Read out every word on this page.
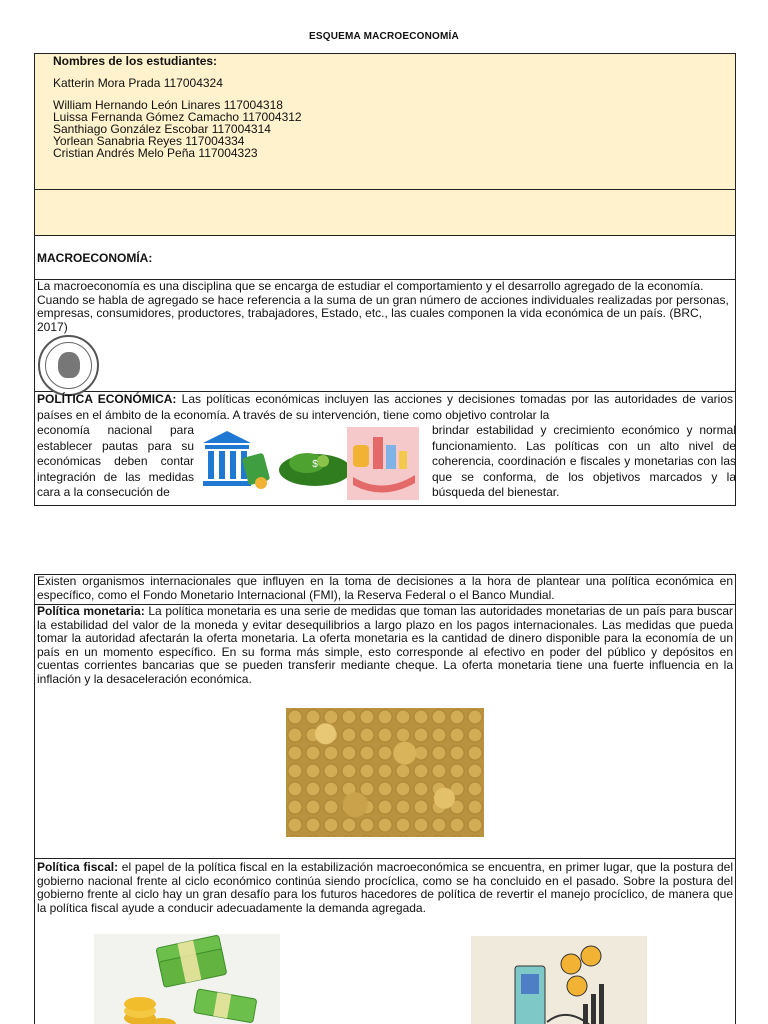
ESQUEMA MACROECONOMÍA
Nombres de los estudiantes:
Katterin Mora Prada 117004324
William Hernando León Linares 117004318
Luissa Fernanda Gómez Camacho 117004312
Santhiago González Escobar 117004314
Yorlean Sanabria Reyes 117004334
Cristian Andrés Melo Peña 117004323
MACROECONOMÍA:
La macroeconomía es una disciplina que se encarga de estudiar el comportamiento y el desarrollo agregado de la economía. Cuando se habla de agregado se hace referencia a la suma de un gran número de acciones individuales realizadas por personas, empresas, consumidores, productores, trabajadores, Estado, etc., las cuales componen la vida económica de un país. (BRC, 2017)
POLÍTICA ECONÓMICA: Las políticas económicas incluyen las acciones y decisiones tomadas por las autoridades de varios países en el ámbito de la economía. A través de su intervención, tiene como objetivo controlar la
economía nacional para establecer pautas para su económicas deben contar integración de las medidas cara a la consecución de
$
brindar estabilidad y crecimiento económico y normal funcionamiento. Las políticas con un alto nivel de coherencia, coordinación e fiscales y monetarias con las que se conforma, de los objetivos marcados y la búsqueda del bienestar.
Existen organismos internacionales que influyen en la toma de decisiones a la hora de plantear una política económica en específico, como el Fondo Monetario Internacional (FMI), la Reserva Federal o el Banco Mundial.
Política monetaria: La política monetaria es una serie de medidas que toman las autoridades monetarias de un país para buscar la estabilidad del valor de la moneda y evitar desequilibrios a largo plazo en los pagos internacionales. Las medidas que pueda tomar la autoridad afectarán la oferta monetaria. La oferta monetaria es la cantidad de dinero disponible para la economía de un país en un momento específico. En su forma más simple, esto corresponde al efectivo en poder del público y depósitos en cuentas corrientes bancarias que se pueden transferir mediante cheque. La oferta monetaria tiene una fuerte influencia en la inflación y la desaceleración económica.
Política fiscal: el papel de la política fiscal en la estabilización macroeconómica se encuentra, en primer lugar, que la postura del gobierno nacional frente al ciclo económico continúa siendo procíclica, como se ha concluido en el pasado. Sobre la postura del gobierno frente al ciclo hay un gran desafío para los futuros hacedores de política de revertir el manejo procíclico, de manera que la política fiscal ayude a conducir adecuadamente la demanda agregada.
